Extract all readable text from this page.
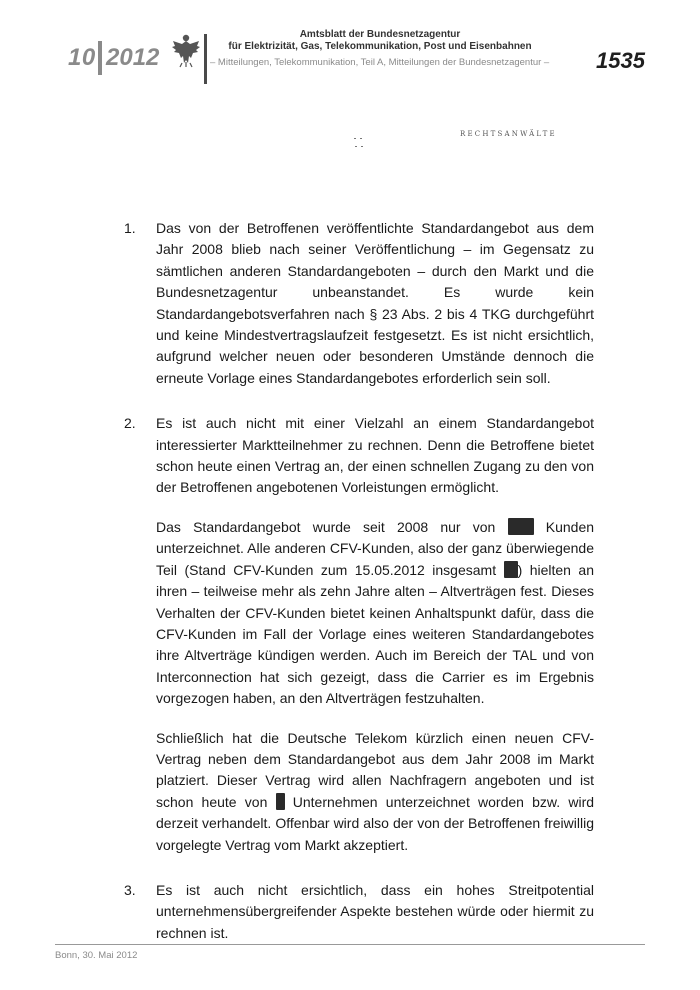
10 2012
Amtsblatt der Bundesnetzagentur
für Elektrizität, Gas, Telekommunikation, Post und Eisenbahnen
– Mitteilungen, Telekommunikation, Teil A, Mitteilungen der Bundesnetzagentur –	1535
RECHTSANWÄLTE
1. Das von der Betroffenen veröffentlichte Standardangebot aus dem Jahr 2008 blieb nach seiner Veröffentlichung – im Gegensatz zu sämtlichen anderen Standardangeboten – durch den Markt und die Bundesnetzagentur unbeanstandet. Es wurde kein Standardangebotsverfahren nach § 23 Abs. 2 bis 4 TKG durchgeführt und keine Mindestvertragslaufzeit festgesetzt. Es ist nicht ersichtlich, aufgrund welcher neuen oder besonderen Umstände dennoch die erneute Vorlage eines Standardangebotes erforderlich sein soll.

2. Es ist auch nicht mit einer Vielzahl an einem Standardangebot interessierter Marktteilnehmer zu rechnen. Denn die Betroffene bietet schon heute einen Vertrag an, der einen schnellen Zugang zu den von der Betroffenen angebotenen Vorleistungen ermöglicht.

Das Standardangebot wurde seit 2008 nur von	Kunden unterzeichnet. Alle anderen CFV-Kunden, also der ganz überwiegende Teil (Stand CFV-Kunden zum 15.05.2012 insgesamt ) hielten an ihren – teilweise mehr als zehn Jahre alten – Altverträgen fest. Dieses Verhalten der CFV-Kunden bietet keinen Anhaltspunkt dafür, dass die CFV-Kunden im Fall der Vorlage eines weiteren Standardangebotes ihre Altverträge kündigen werden. Auch im Bereich der TAL und von Interconnection hat sich gezeigt, dass die Carrier es im Ergebnis vorgezogen haben, an den Altverträgen festzuhalten.

Schließlich hat die Deutsche Telekom kürzlich einen neuen CFV-Vertrag neben dem Standardangebot aus dem Jahr 2008 im Markt platziert. Dieser Vertrag wird allen Nachfragern angeboten und ist schon heute von Unternehmen unterzeichnet worden bzw. wird derzeit verhandelt. Offenbar wird also der von der Betroffenen freiwillig vorgelegte Vertrag vom Markt akzeptiert.

3. Es ist auch nicht ersichtlich, dass ein hohes Streitpotential unternehmensübergreifender Aspekte bestehen würde oder hiermit zu rechnen ist.

Bonn, 30. Mai 2012
